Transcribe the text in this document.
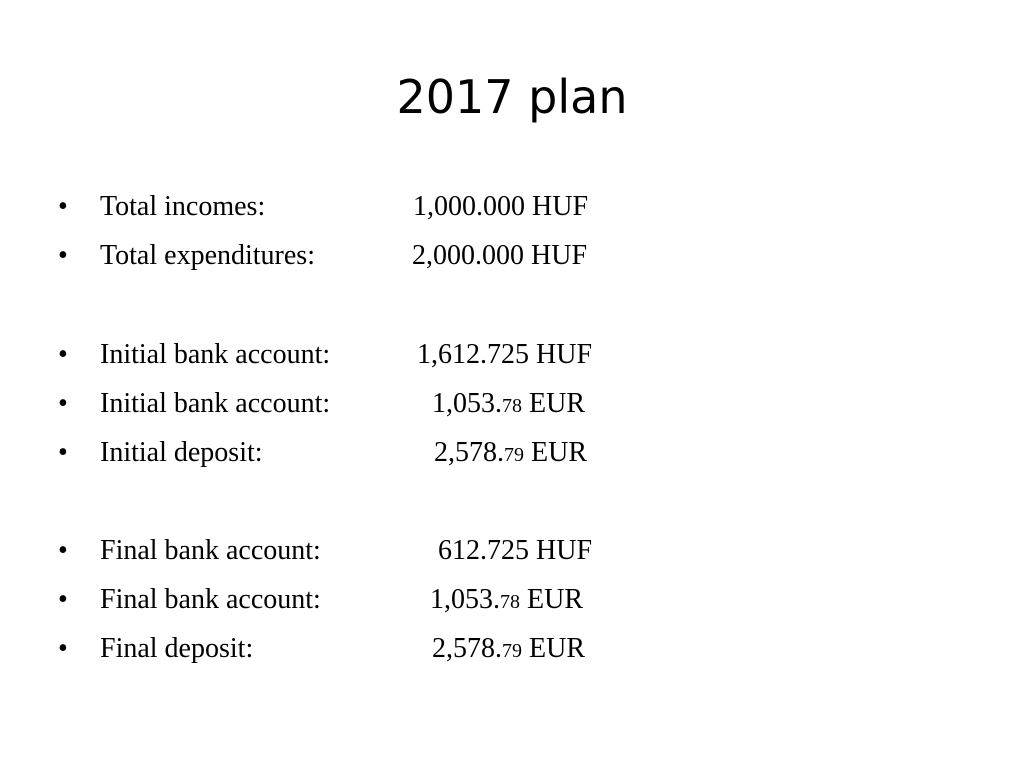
2017 plan
•	Total incomes:	1,000.000 HUF
•	Total expenditures:	2,000.000 HUF
•	Initial bank account:	1,612.725 HUF
•	Initial bank account:	1,053.78 EUR
•	Initial deposit:	2,578.79 EUR
•	Final bank account:	612.725 HUF
•	Final bank account:	1,053.78 EUR
•	Final deposit:	2,578.79 EUR
